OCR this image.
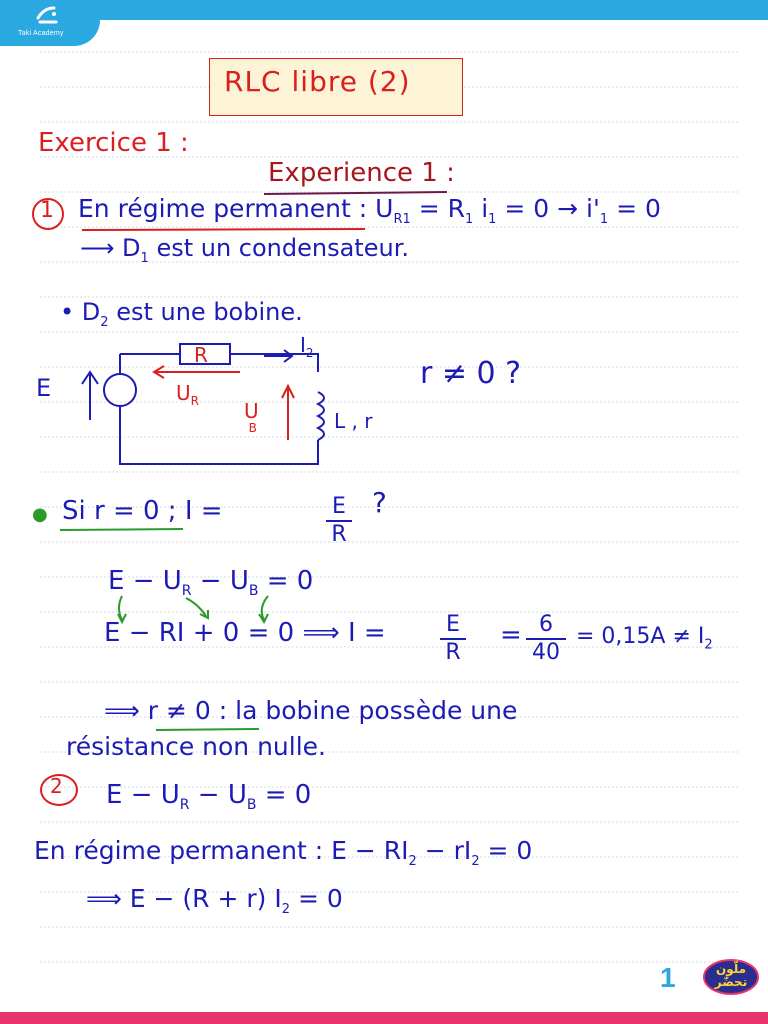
Taki Academy
RLC libre (2)
Exercice 1 :
Experience 1 :
1 En régime permanent : $U_{R1} = R_1$ $i_1 = 0 \to i'_1 = 0$
⟶ $D_1$ est un condensateur.
• $D_2$ est une bobine.
E
R	$I_2$
$U_R$ U B	L , r
r ≠ 0 ?
● Si r = 0 ; I =	E
R
?
$E - U_R - U_B = 0$
E − RI + 0 = 0 ⟹ I =	E
R
= 6
40
= $0,15A \ne I_2$
⟹ r ≠ 0 : la bobine possède une
résistance non nulle.
2 $E - U_R - U_B = 0$
En régime permanent : $E - RI_2 - rI_2 = 0$
⟹ E − (R + r) $I_2 = 0$
1	ملّون تحضّر
